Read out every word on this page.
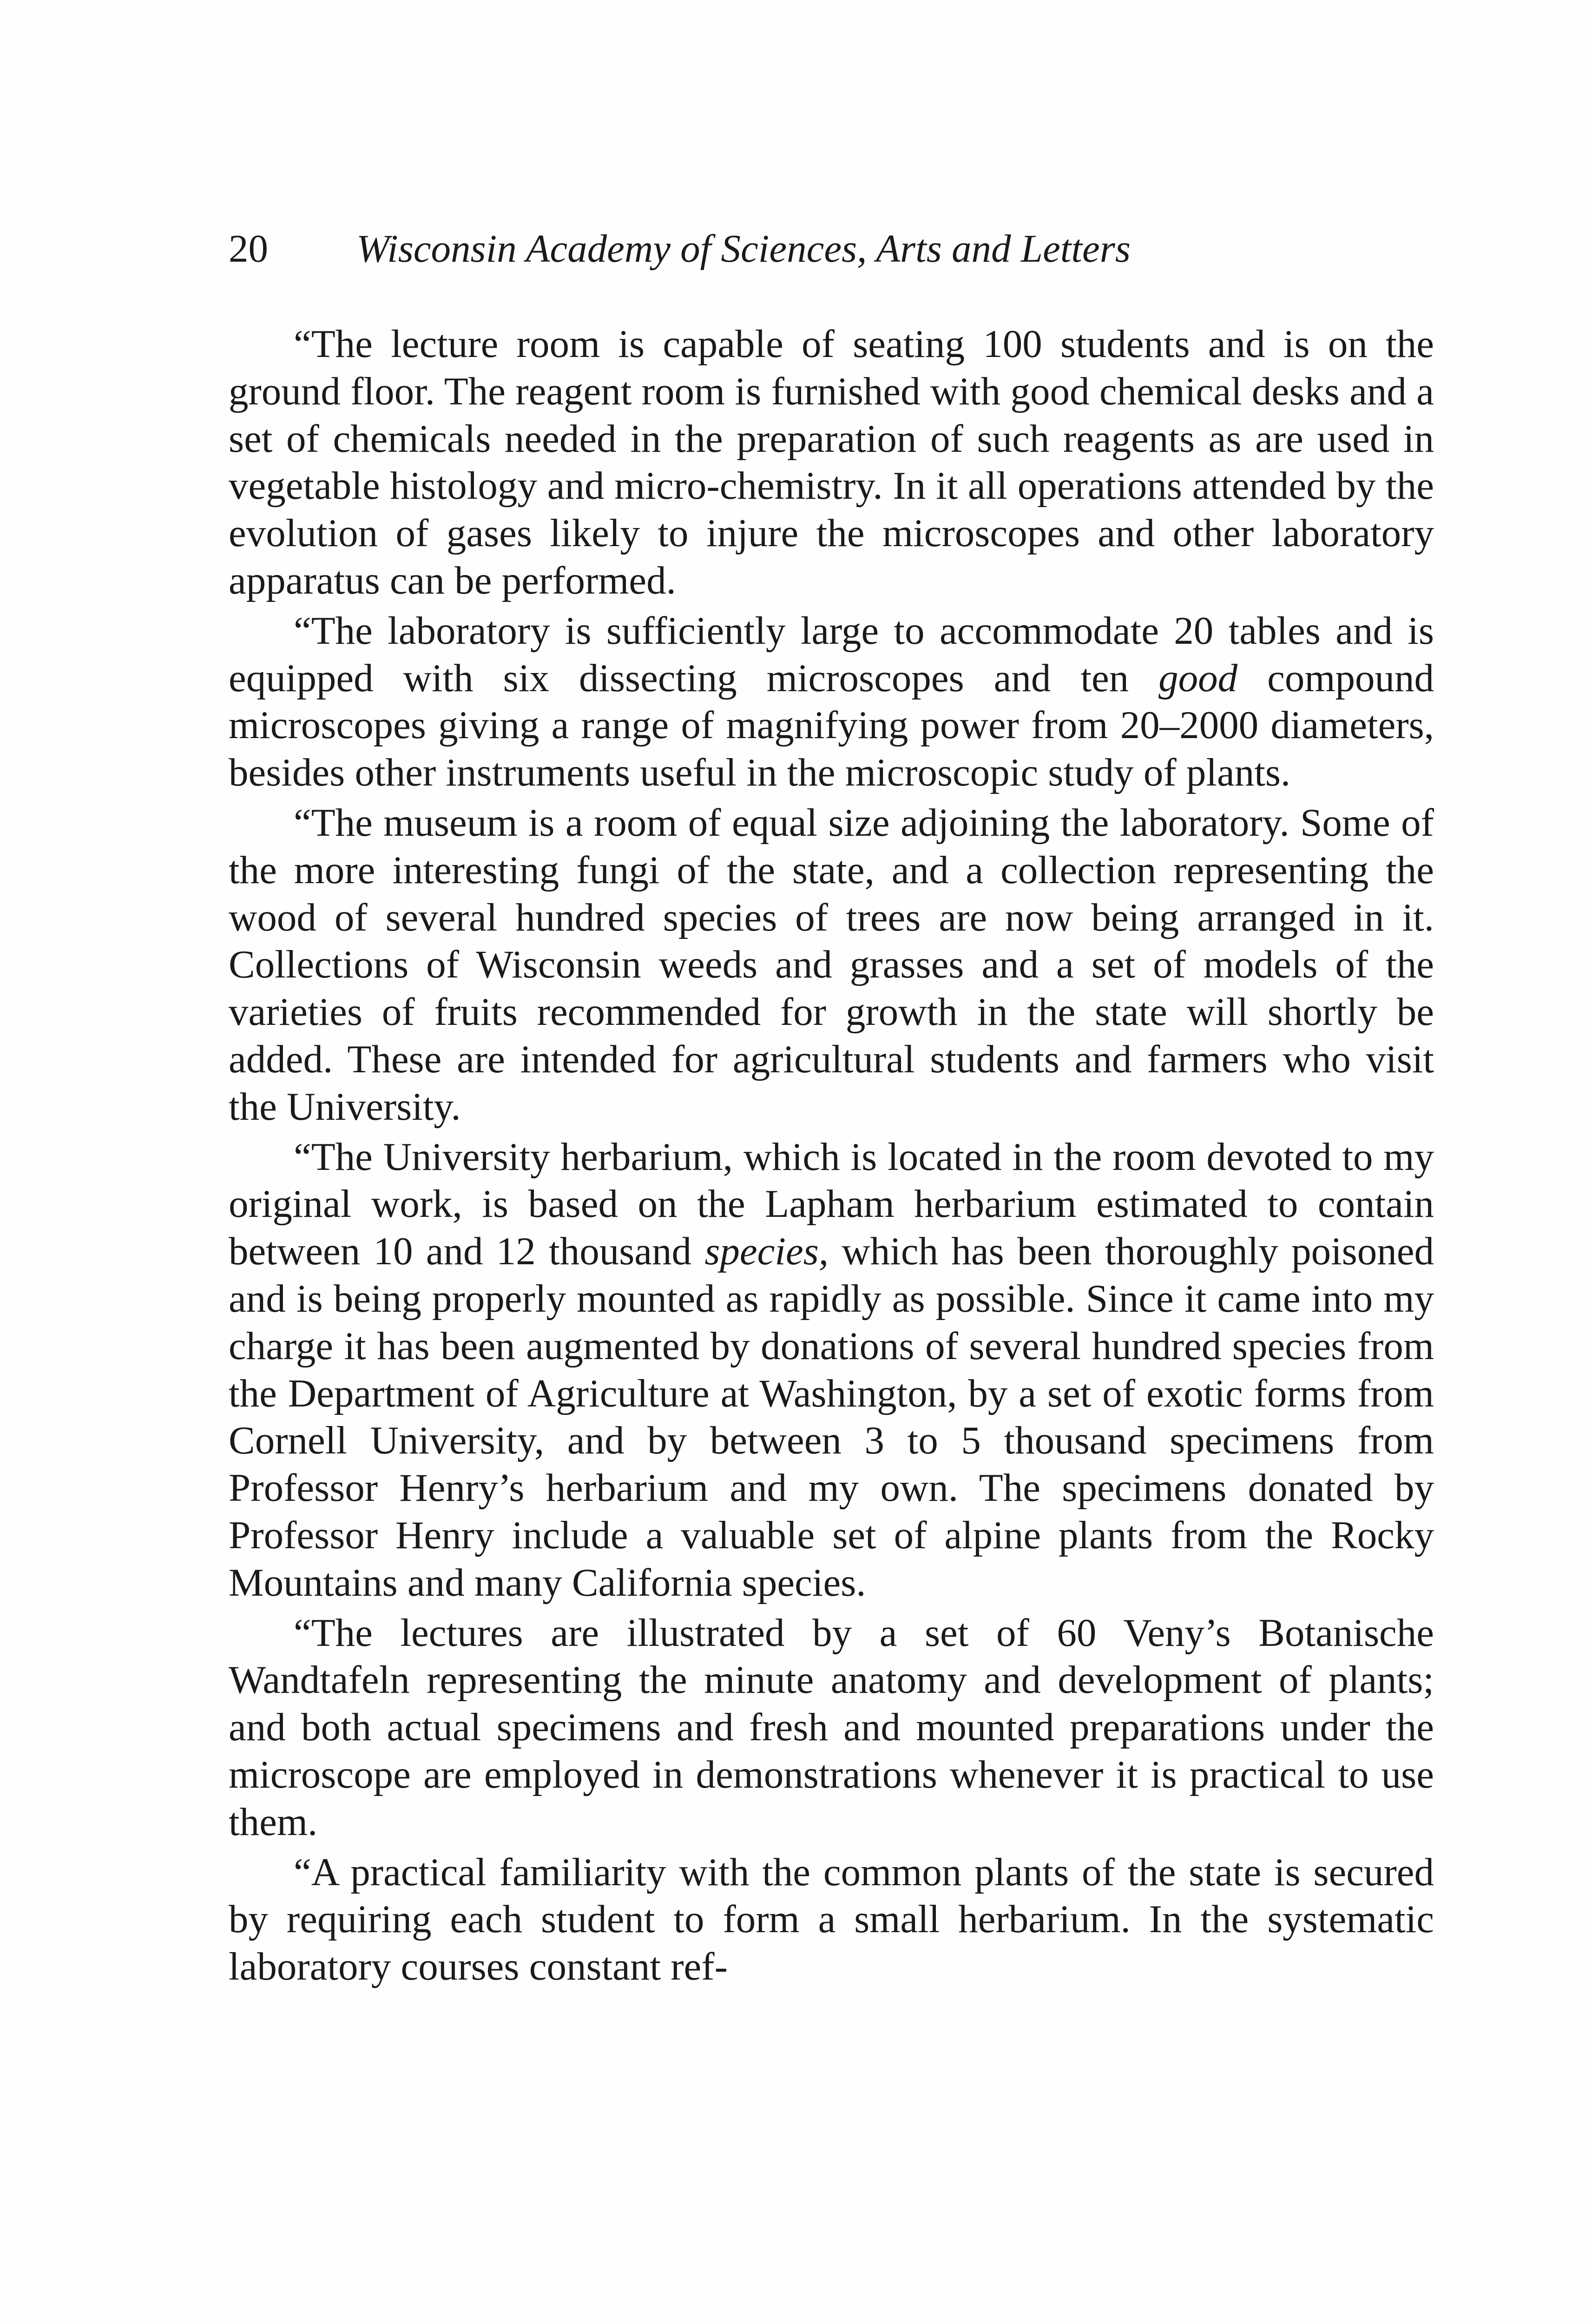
20 Wisconsin Academy of Sciences, Arts and Letters

“The lecture room is capable of seating 100 students and is on the ground floor. The reagent room is furnished with good chemical desks and a set of chemicals needed in the preparation of such reagents as are used in vegetable histology and micro-chemistry. In it all operations attended by the evolution of gases likely to injure the microscopes and other laboratory apparatus can be performed.

“The laboratory is sufficiently large to accommodate 20 tables and is equipped with six dissecting microscopes and ten good compound microscopes giving a range of magnifying power from 20–2000 diameters, besides other instruments useful in the microscopic study of plants.

“The museum is a room of equal size adjoining the laboratory. Some of the more interesting fungi of the state, and a collection representing the wood of several hundred species of trees are now being arranged in it. Collections of Wisconsin weeds and grasses and a set of models of the varieties of fruits recommended for growth in the state will shortly be added. These are intended for agricultural students and farmers who visit the University.

“The University herbarium, which is located in the room devoted to my original work, is based on the Lapham herbarium estimated to contain between 10 and 12 thousand species, which has been thoroughly poisoned and is being properly mounted as rapidly as possible. Since it came into my charge it has been augmented by donations of several hundred species from the Department of Agriculture at Washington, by a set of exotic forms from Cornell University, and by between 3 to 5 thousand specimens from Professor Henry’s herbarium and my own. The specimens donated by Professor Henry include a valuable set of alpine plants from the Rocky Mountains and many California species.

“The lectures are illustrated by a set of 60 Veny’s Botanische Wandtafeln representing the minute anatomy and development of plants; and both actual specimens and fresh and mounted preparations under the microscope are employed in demonstrations whenever it is practical to use them.

“A practical familiarity with the common plants of the state is secured by requiring each student to form a small herbarium. In the systematic laboratory courses constant ref-
